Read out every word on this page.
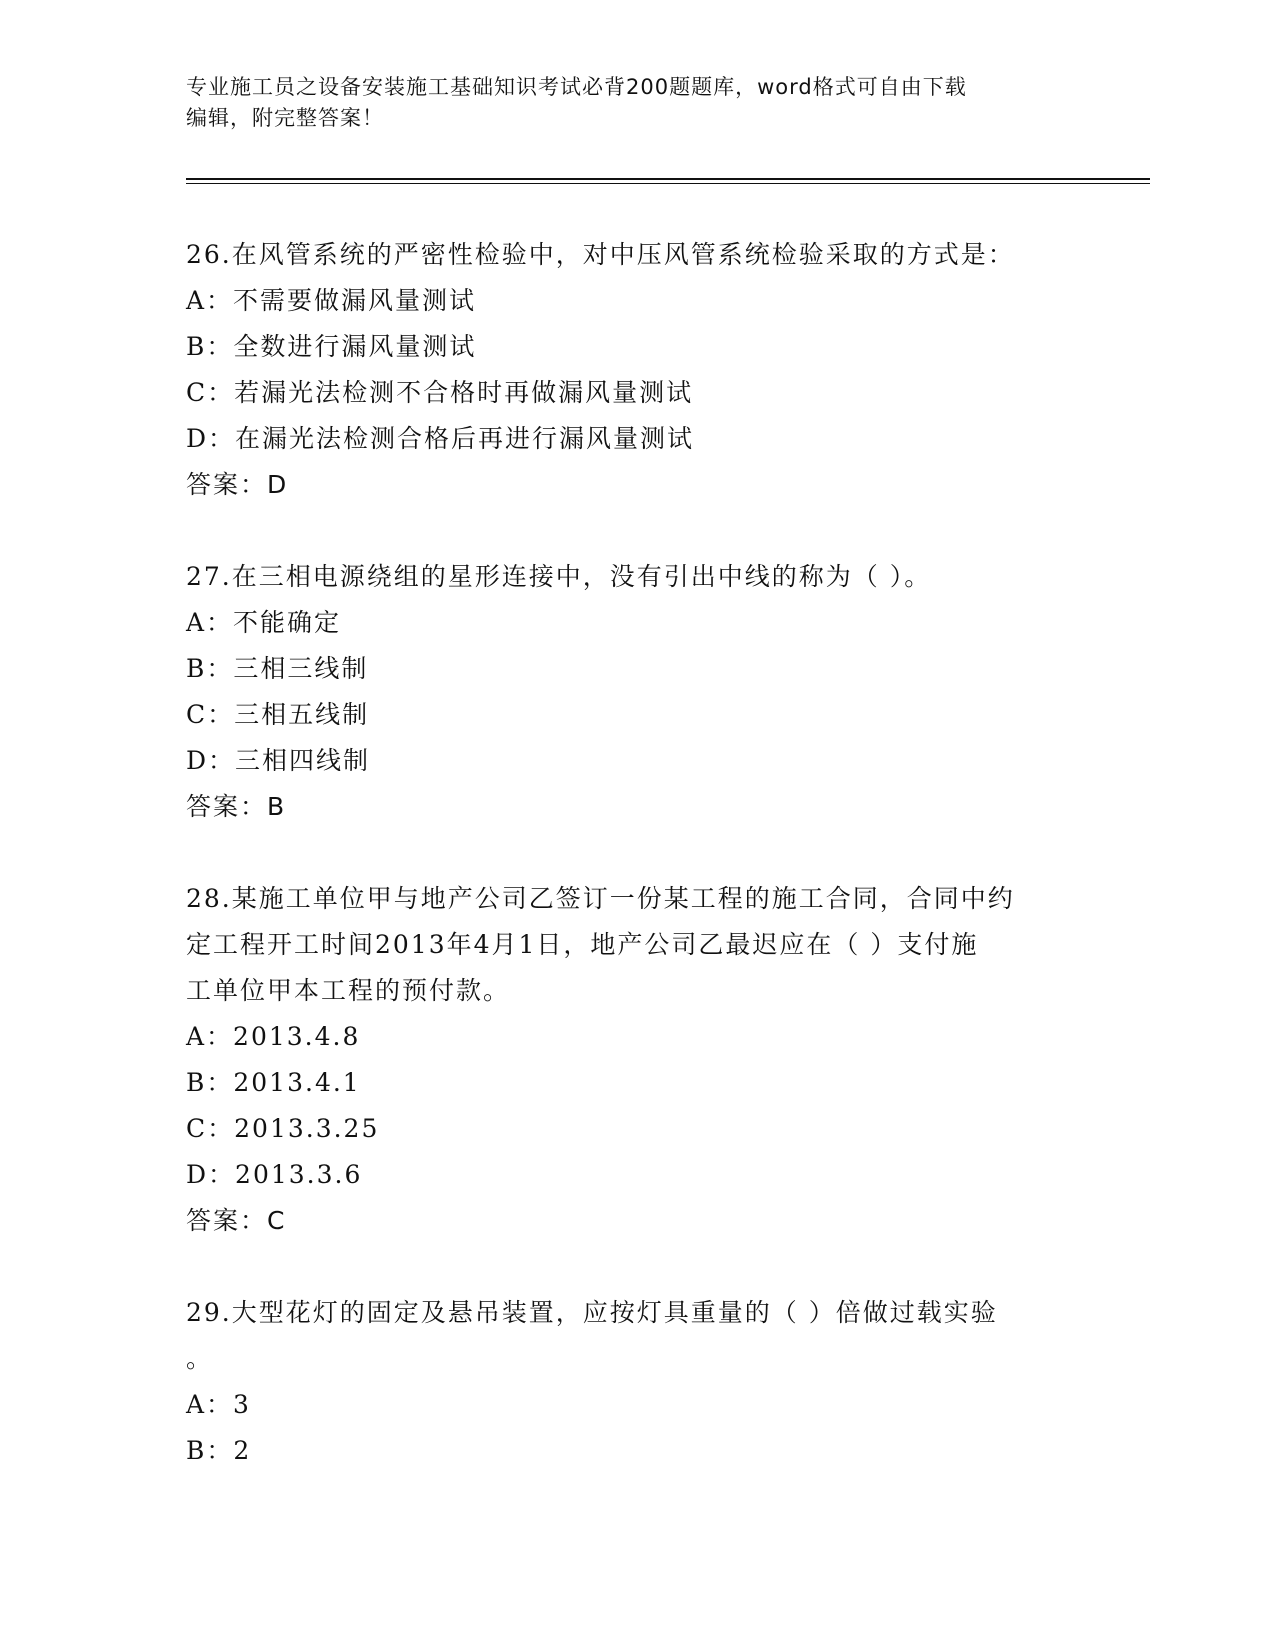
专业施工员之设备安装施工基础知识考试必背200题题库，word格式可自由下载
编辑，附完整答案！
26.在风管系统的严密性检验中，对中压风管系统检验采取的方式是：
A：不需要做漏风量测试
B：全数进行漏风量测试
C：若漏光法检测不合格时再做漏风量测试
D：在漏光法检测合格后再进行漏风量测试
答案：D
27.在三相电源绕组的星形连接中，没有引出中线的称为（ ）。
A：不能确定
B：三相三线制
C：三相五线制
D：三相四线制
答案：B
28.某施工单位甲与地产公司乙签订一份某工程的施工合同，合同中约
定工程开工时间2013年4月1日，地产公司乙最迟应在（ ）支付施
工单位甲本工程的预付款。
A：2013.4.8
B：2013.4.1
C：2013.3.25
D：2013.3.6
答案：C
29.大型花灯的固定及悬吊装置，应按灯具重量的（ ）倍做过载实验
。
A：3
B：2
